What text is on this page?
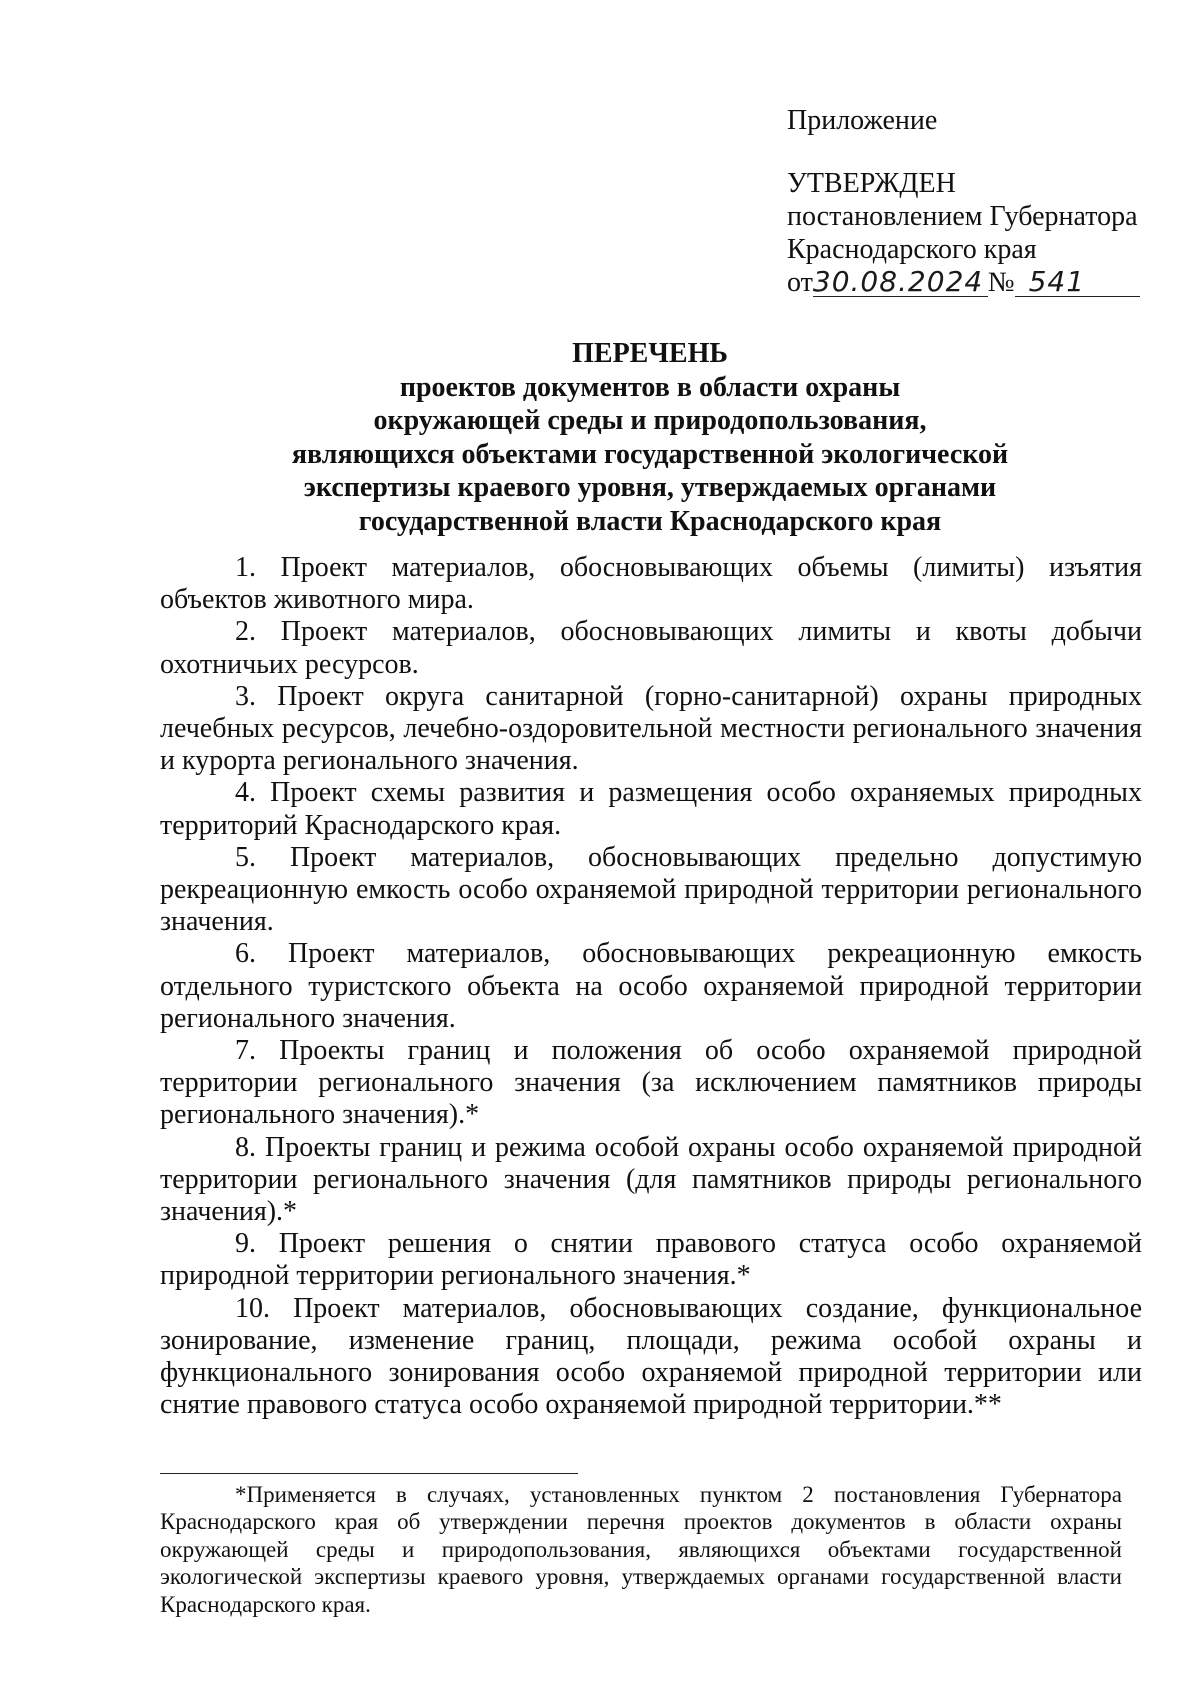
Приложение
УТВЕРЖДЕН
постановлением Губернатора
Краснодарского края
от30.08.2024 № 541
ПЕРЕЧЕНЬ
проектов документов в области охраны
окружающей среды и природопользования,
являющихся объектами государственной экологической
экспертизы краевого уровня, утверждаемых органами
государственной власти Краснодарского края

1. Проект материалов, обосновывающих объемы (лимиты) изъятия объектов животного мира.

2. Проект материалов, обосновывающих лимиты и квоты добычи охотничьих ресурсов.

3. Проект округа санитарной (горно-санитарной) охраны природных лечебных ресурсов, лечебно-оздоровительной местности регионального значения и курорта регионального значения.

4. Проект схемы развития и размещения особо охраняемых природных территорий Краснодарского края.

5. Проект материалов, обосновывающих предельно допустимую рекреационную емкость особо охраняемой природной территории регионального значения.

6. Проект материалов, обосновывающих рекреационную емкость отдельного туристского объекта на особо охраняемой природной территории регионального значения.

7. Проекты границ и положения об особо охраняемой природной территории регионального значения (за исключением памятников природы регионального значения).*

8. Проекты границ и режима особой охраны особо охраняемой природной территории регионального значения (для памятников природы регионального значения).*

9. Проект решения о снятии правового статуса особо охраняемой природной территории регионального значения.*

10. Проект материалов, обосновывающих создание, функциональное зонирование, изменение границ, площади, режима особой охраны и функционального зонирования особо охраняемой природной территории или снятие правового статуса особо охраняемой природной территории.**

*Применяется в случаях, установленных пунктом 2 постановления Губернатора Краснодарского края об утверждении перечня проектов документов в области охраны окружающей среды и природопользования, являющихся объектами государственной экологической экспертизы краевого уровня, утверждаемых органами государственной власти Краснодарского края.
